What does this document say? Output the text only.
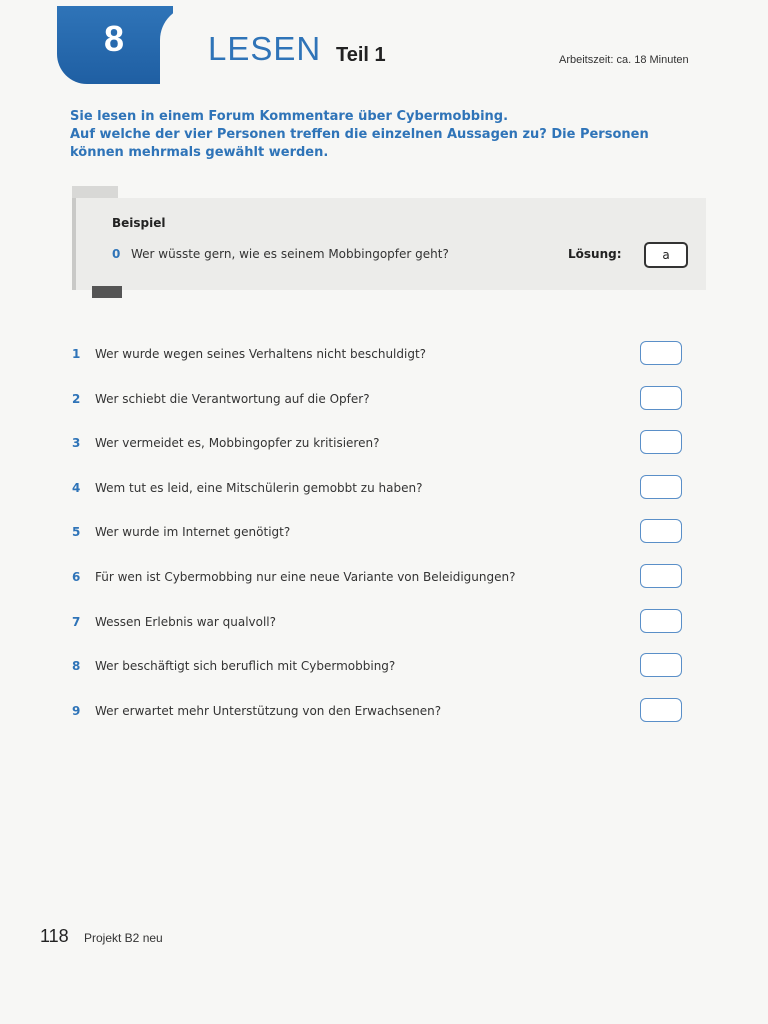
8	LESEN Teil 1	Arbeitszeit: ca. 18 Minuten
Sie lesen in einem Forum Kommentare über Cybermobbing.
Auf welche der vier Personen treffen die einzelnen Aussagen zu? Die Personen können mehrmals gewählt werden.
Beispiel
0 Wer wüsste gern, wie es seinem Mobbingopfer geht?	Lösung:	a
1	Wer wurde wegen seines Verhaltens nicht beschuldigt?
2	Wer schiebt die Verantwortung auf die Opfer?
3	Wer vermeidet es, Mobbingopfer zu kritisieren?
4	Wem tut es leid, eine Mitschülerin gemobbt zu haben?
5	Wer wurde im Internet genötigt?
6	Für wen ist Cybermobbing nur eine neue Variante von Beleidigungen?
7	Wessen Erlebnis war qualvoll?
8	Wer beschäftigt sich beruflich mit Cybermobbing?
9	Wer erwartet mehr Unterstützung von den Erwachsenen?
118 Projekt B2 neu
